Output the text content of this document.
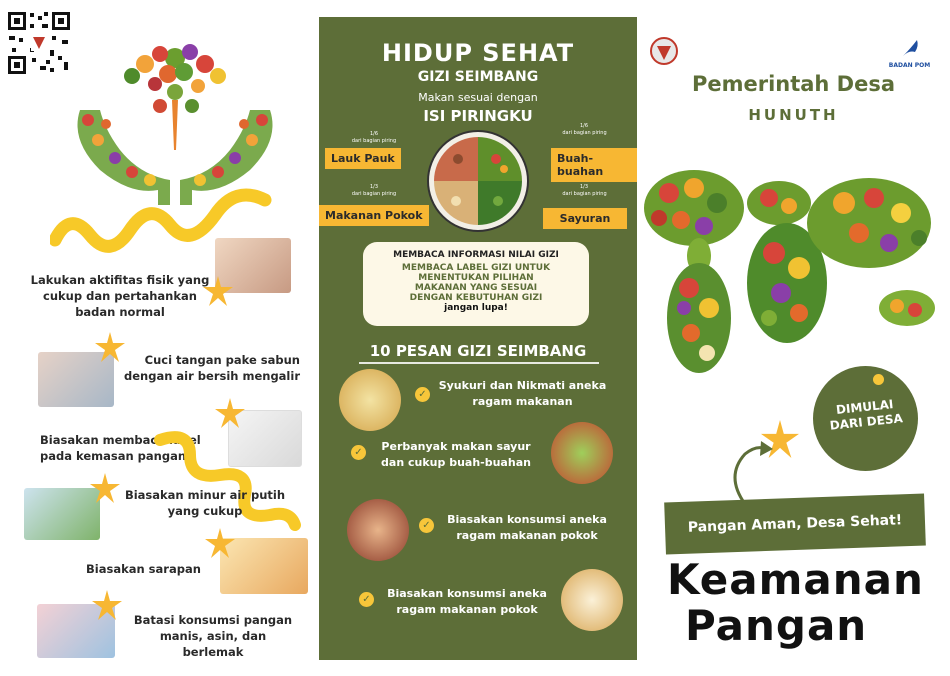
Lakukan aktifitas fisik yang
cukup dan pertahankan
badan normal
Cuci tangan pake sabun
dengan air bersih mengalir
Biasakan membaca label
pada kemasan pangan
Biasakan minur air putih
yang cukup
Biasakan sarapan
Batasi konsumsi pangan
manis, asin, dan berlemak
HIDUP SEHAT
GIZI SEIMBANG
Makan sesuai dengan
ISI PIRINGKU
1/6
dari bagian piring
Lauk Pauk
1/6
dari bagian piring
Buah-buahan
1/3
dari bagian piring
Makanan Pokok
1/3
dari bagian piring
Sayuran
MEMBACA INFORMASI NILAI GIZI
MEMBACA LABEL GIZI UNTUK
MENENTUKAN PILIHAN
MAKANAN YANG SESUAI
DENGAN KEBUTUHAN GIZI
jangan lupa!
10 PESAN GIZI SEIMBANG
✓
Syukuri dan Nikmati aneka
ragam makanan
✓	Perbanyak makan sayur
dan cukup buah-buahan
✓	Biasakan konsumsi aneka
ragam makanan pokok
✓	Biasakan konsumsi aneka
ragam makanan pokok
BADAN POM
Pemerintah Desa
HUNUTH
DIMULAI
DARI DESA
Pangan Aman, Desa Sehat!
Keamanan
Pangan
